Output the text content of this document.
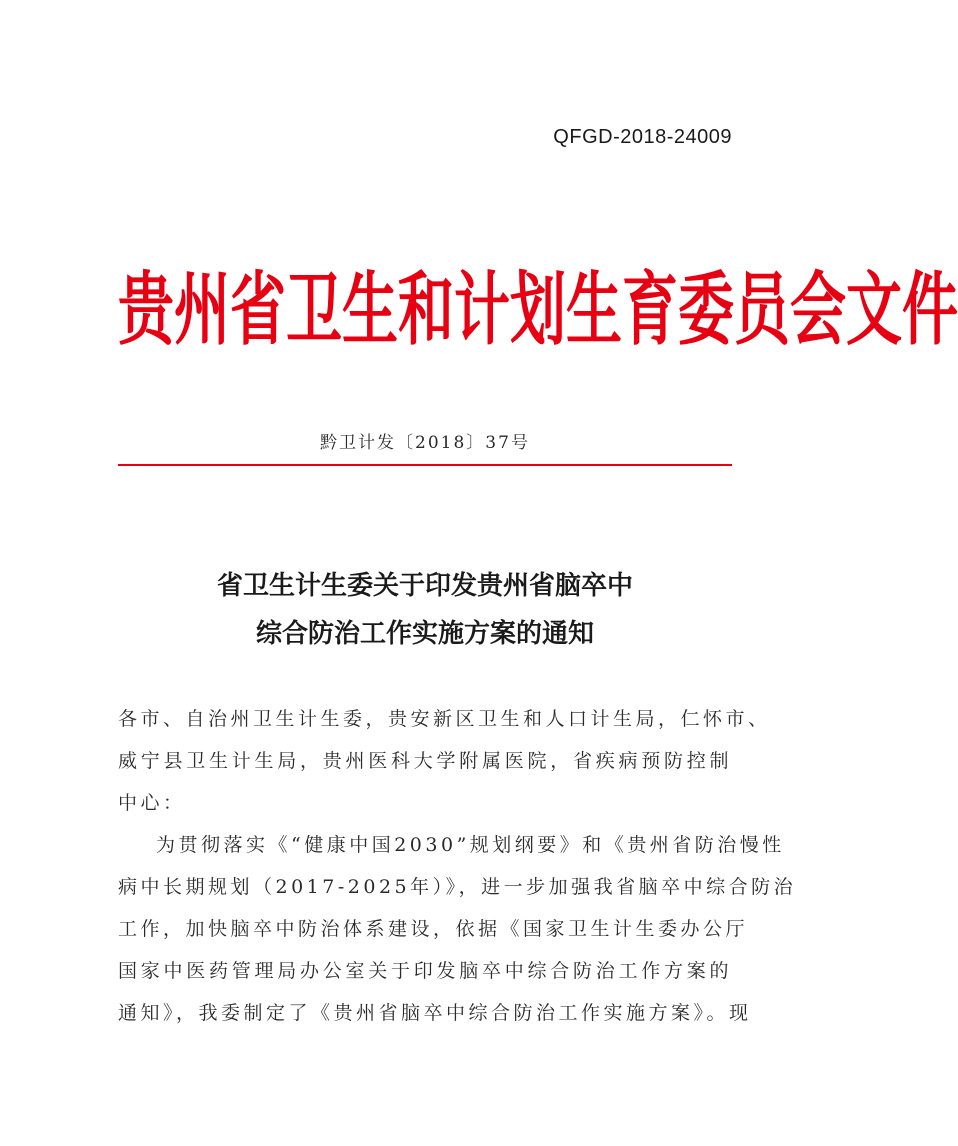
QFGD-2018-24009
贵 州 省 卫 生 和 计 划 生 育 委 员 会 文 件
黔卫计发〔2018〕37号
省卫生计生委关于印发贵州省脑卒中
综合防治工作实施方案的通知
各市、自治州卫生计生委，贵安新区卫生和人口计生局，仁怀市、
威宁县卫生计生局，贵州医科大学附属医院，省疾病预防控制
中心：
为贯彻落实《“健康中国2030”规划纲要》和《贵州省防治慢性
病中长期规划（2017-2025年）》，进一步加强我省脑卒中综合防治
工作，加快脑卒中防治体系建设，依据《国家卫生计生委办公厅
国家中医药管理局办公室关于印发脑卒中综合防治工作方案的
通知》，我委制定了《贵州省脑卒中综合防治工作实施方案》。现
